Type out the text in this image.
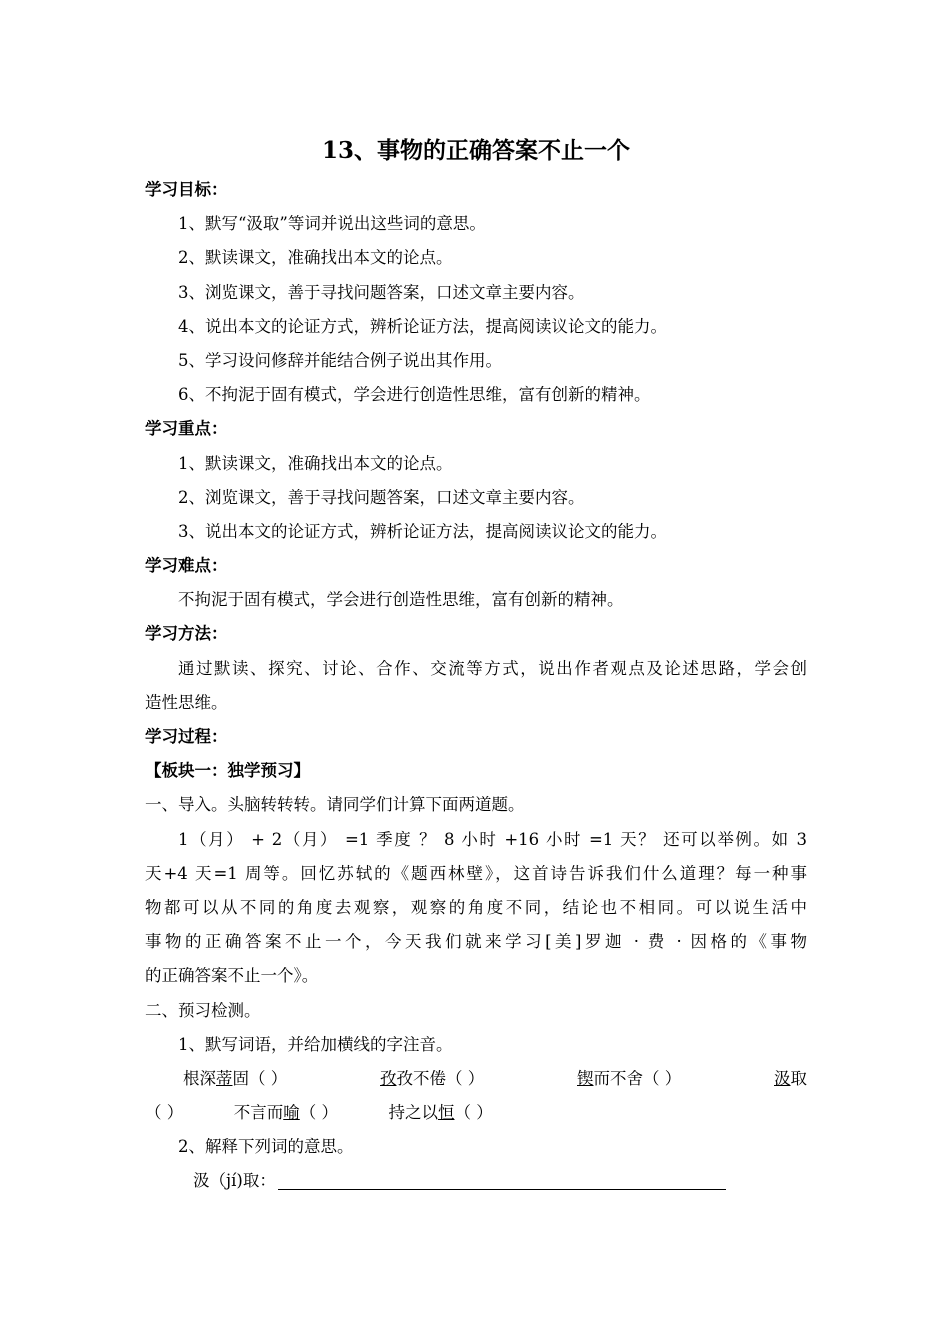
13、事物的正确答案不止一个
学习目标：
1、默写“汲取”等词并说出这些词的意思。
2、默读课文，准确找出本文的论点。
3、浏览课文，善于寻找问题答案，口述文章主要内容。
4、说出本文的论证方式，辨析论证方法，提高阅读议论文的能力。
5、学习设问修辞并能结合例子说出其作用。
6、不拘泥于固有模式，学会进行创造性思维，富有创新的精神。
学习重点：
1、默读课文，准确找出本文的论点。
2、浏览课文，善于寻找问题答案，口述文章主要内容。
3、说出本文的论证方式，辨析论证方法，提高阅读议论文的能力。
学习难点：
不拘泥于固有模式，学会进行创造性思维，富有创新的精神。
学习方法：
通过默读、探究、讨论、合作、交流等方式，说出作者观点及论述思路，学会创
造性思维。
学习过程：
【板块一：独学预习】
一、导入。头脑转转转。请同学们计算下面两道题。
1（月） + 2（月） =1 季度 ？ 8 小时 +16 小时 =1 天？ 还可以举例。如 3
天+4 天=1 周等。回忆苏轼的《题西林壁》，这首诗告诉我们什么道理？每一种事
物都可以从不同的角度去观察，观察的角度不同，结论也不相同。可以说生活中
事物的正确答案不止一个，今天我们就来学习[美]罗迦 · 费 · 因格的《事物
的正确答案不止一个》。
二、预习检测。
1、默写词语，并给加横线的字注音。
根深蒂固（ ）	孜孜不倦（ ）	锲而不舍（ ）	汲取
（ ）	不言而喻（ ）	持之以恒（ ）
2、解释下列词的意思。
汲（jí)取：
